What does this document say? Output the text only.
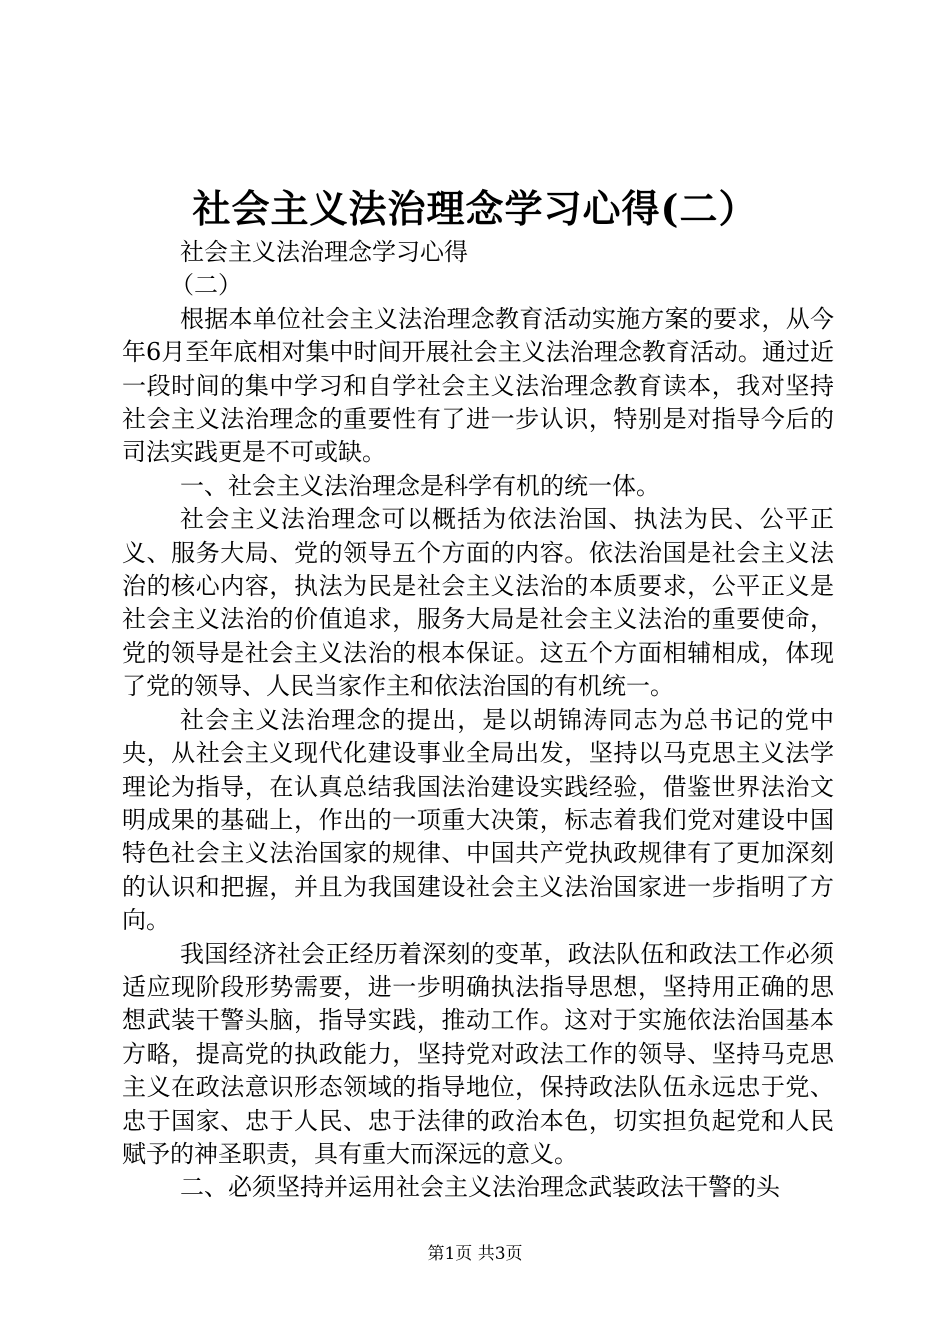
社会主义法治理念学习心得(二）

社会主义法治理念学习心得

（二）

根据本单位社会主义法治理念教育活动实施方案的要求，从今年6月至年底相对集中时间开展社会主义法治理念教育活动。通过近一段时间的集中学习和自学社会主义法治理念教育读本，我对坚持社会主义法治理念的重要性有了进一步认识，特别是对指导今后的司法实践更是不可或缺。

一、社会主义法治理念是科学有机的统一体。

社会主义法治理念可以概括为依法治国、执法为民、公平正义、服务大局、党的领导五个方面的内容。依法治国是社会主义法治的核心内容，执法为民是社会主义法治的本质要求，公平正义是社会主义法治的价值追求，服务大局是社会主义法治的重要使命，党的领导是社会主义法治的根本保证。这五个方面相辅相成，体现了党的领导、人民当家作主和依法治国的有机统一。

社会主义法治理念的提出，是以胡锦涛同志为总书记的党中央，从社会主义现代化建设事业全局出发，坚持以马克思主义法学理论为指导，在认真总结我国法治建设实践经验，借鉴世界法治文明成果的基础上，作出的一项重大决策，标志着我们党对建设中国特色社会主义法治国家的规律、中国共产党执政规律有了更加深刻的认识和把握，并且为我国建设社会主义法治国家进一步指明了方向。

我国经济社会正经历着深刻的变革，政法队伍和政法工作必须适应现阶段形势需要，进一步明确执法指导思想，坚持用正确的思想武装干警头脑，指导实践，推动工作。这对于实施依法治国基本方略，提高党的执政能力，坚持党对政法工作的领导、坚持马克思主义在政法意识形态领域的指导地位，保持政法队伍永远忠于党、忠于国家、忠于人民、忠于法律的政治本色，切实担负起党和人民赋予的神圣职责，具有重大而深远的意义。

二、必须坚持并运用社会主义法治理念武装政法干警的头

第1页 共3页
